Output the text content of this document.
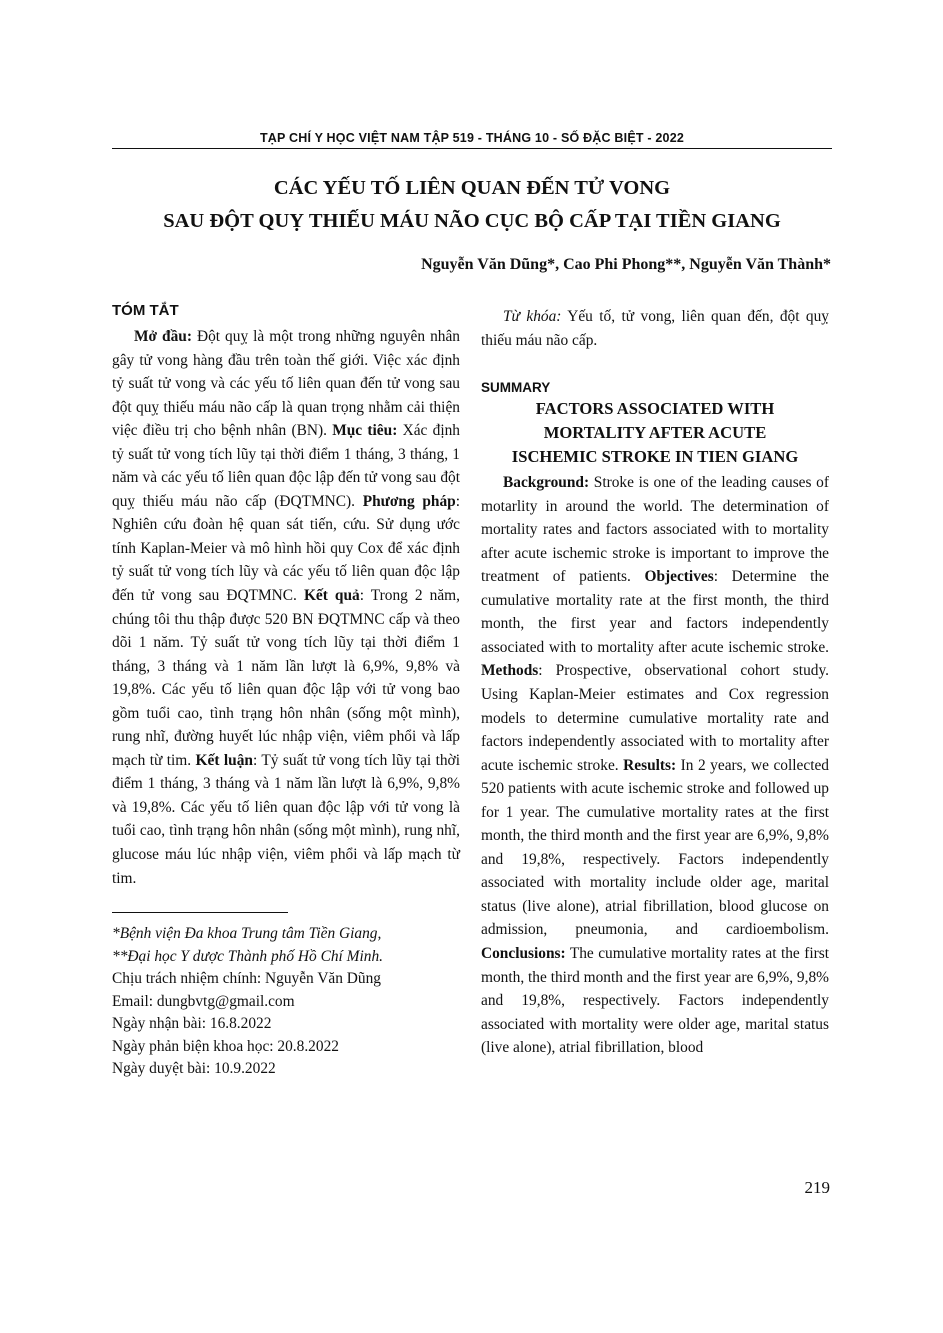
TẠP CHÍ Y HỌC VIỆT NAM TẬP 519 - THÁNG 10 - SỐ ĐẶC BIỆT - 2022
CÁC YẾU TỐ LIÊN QUAN ĐẾN TỬ VONG
SAU ĐỘT QUỴ THIẾU MÁU NÃO CỤC BỘ CẤP TẠI TIỀN GIANG
Nguyễn Văn Dũng*, Cao Phi Phong**, Nguyễn Văn Thành*
TÓM TẮT

Mở đầu: Đột quỵ là một trong những nguyên nhân gây tử vong hàng đầu trên toàn thế giới. Việc xác định tỷ suất tử vong và các yếu tố liên quan đến tử vong sau đột quỵ thiếu máu não cấp là quan trọng nhằm cải thiện việc điều trị cho bệnh nhân (BN). Mục tiêu: Xác định tỷ suất tử vong tích lũy tại thời điểm 1 tháng, 3 tháng, 1 năm và các yếu tố liên quan độc lập đến tử vong sau đột quỵ thiếu máu não cấp (ĐQTMNC). Phương pháp: Nghiên cứu đoàn hệ quan sát tiến, cứu. Sử dụng ước tính Kaplan-Meier và mô hình hồi quy Cox để xác định tỷ suất tử vong tích lũy và các yếu tố liên quan độc lập đến tử vong sau ĐQTMNC. Kết quả: Trong 2 năm, chúng tôi thu thập được 520 BN ĐQTMNC cấp và theo dõi 1 năm. Tỷ suất tử vong tích lũy tại thời điểm 1 tháng, 3 tháng và 1 năm lần lượt là 6,9%, 9,8% và 19,8%. Các yếu tố liên quan độc lập với tử vong bao gồm tuổi cao, tình trạng hôn nhân (sống một mình), rung nhĩ, đường huyết lúc nhập viện, viêm phổi và lấp mạch từ tim. Kết luận: Tỷ suất tử vong tích lũy tại thời điểm 1 tháng, 3 tháng và 1 năm lần lượt là 6,9%, 9,8% và 19,8%. Các yếu tố liên quan độc lập với tử vong là tuổi cao, tình trạng hôn nhân (sống một mình), rung nhĩ, glucose máu lúc nhập viện, viêm phổi và lấp mạch từ tim.

*Bệnh viện Đa khoa Trung tâm Tiền Giang,

**Đại học Y dược Thành phố Hồ Chí Minh.

Chịu trách nhiệm chính: Nguyễn Văn Dũng

Email: dungbvtg@gmail.com

Ngày nhận bài: 16.8.2022

Ngày phản biện khoa học: 20.8.2022

Ngày duyệt bài: 10.9.2022

Từ khóa: Yếu tố, tử vong, liên quan đến, đột quỵ thiếu máu não cấp.

SUMMARY
FACTORS ASSOCIATED WITH
MORTALITY AFTER ACUTE
ISCHEMIC STROKE IN TIEN GIANG

Background: Stroke is one of the leading causes of motarlity in around the world. The determination of mortality rates and factors associated with to mortality after acute ischemic stroke is important to improve the treatment of patients. Objectives: Determine the cumulative mortality rate at the first month, the third month, the first year and factors independently associated with to mortality after acute ischemic stroke. Methods: Prospective, observational cohort study. Using Kaplan-Meier estimates and Cox regression models to determine cumulative mortality rate and factors independently associated with to mortality after acute ischemic stroke. Results: In 2 years, we collected 520 patients with acute ischemic stroke and followed up for 1 year. The cumulative mortality rates at the first month, the third month and the first year are 6,9%, 9,8% and 19,8%, respectively. Factors independently associated with mortality include older age, marital status (live alone), atrial fibrillation, blood glucose on admission, pneumonia, and cardioembolism. Conclusions: The cumulative mortality rates at the first month, the third month and the first year are 6,9%, 9,8% and 19,8%, respectively. Factors independently associated with mortality were older age, marital status (live alone), atrial fibrillation, blood

219
